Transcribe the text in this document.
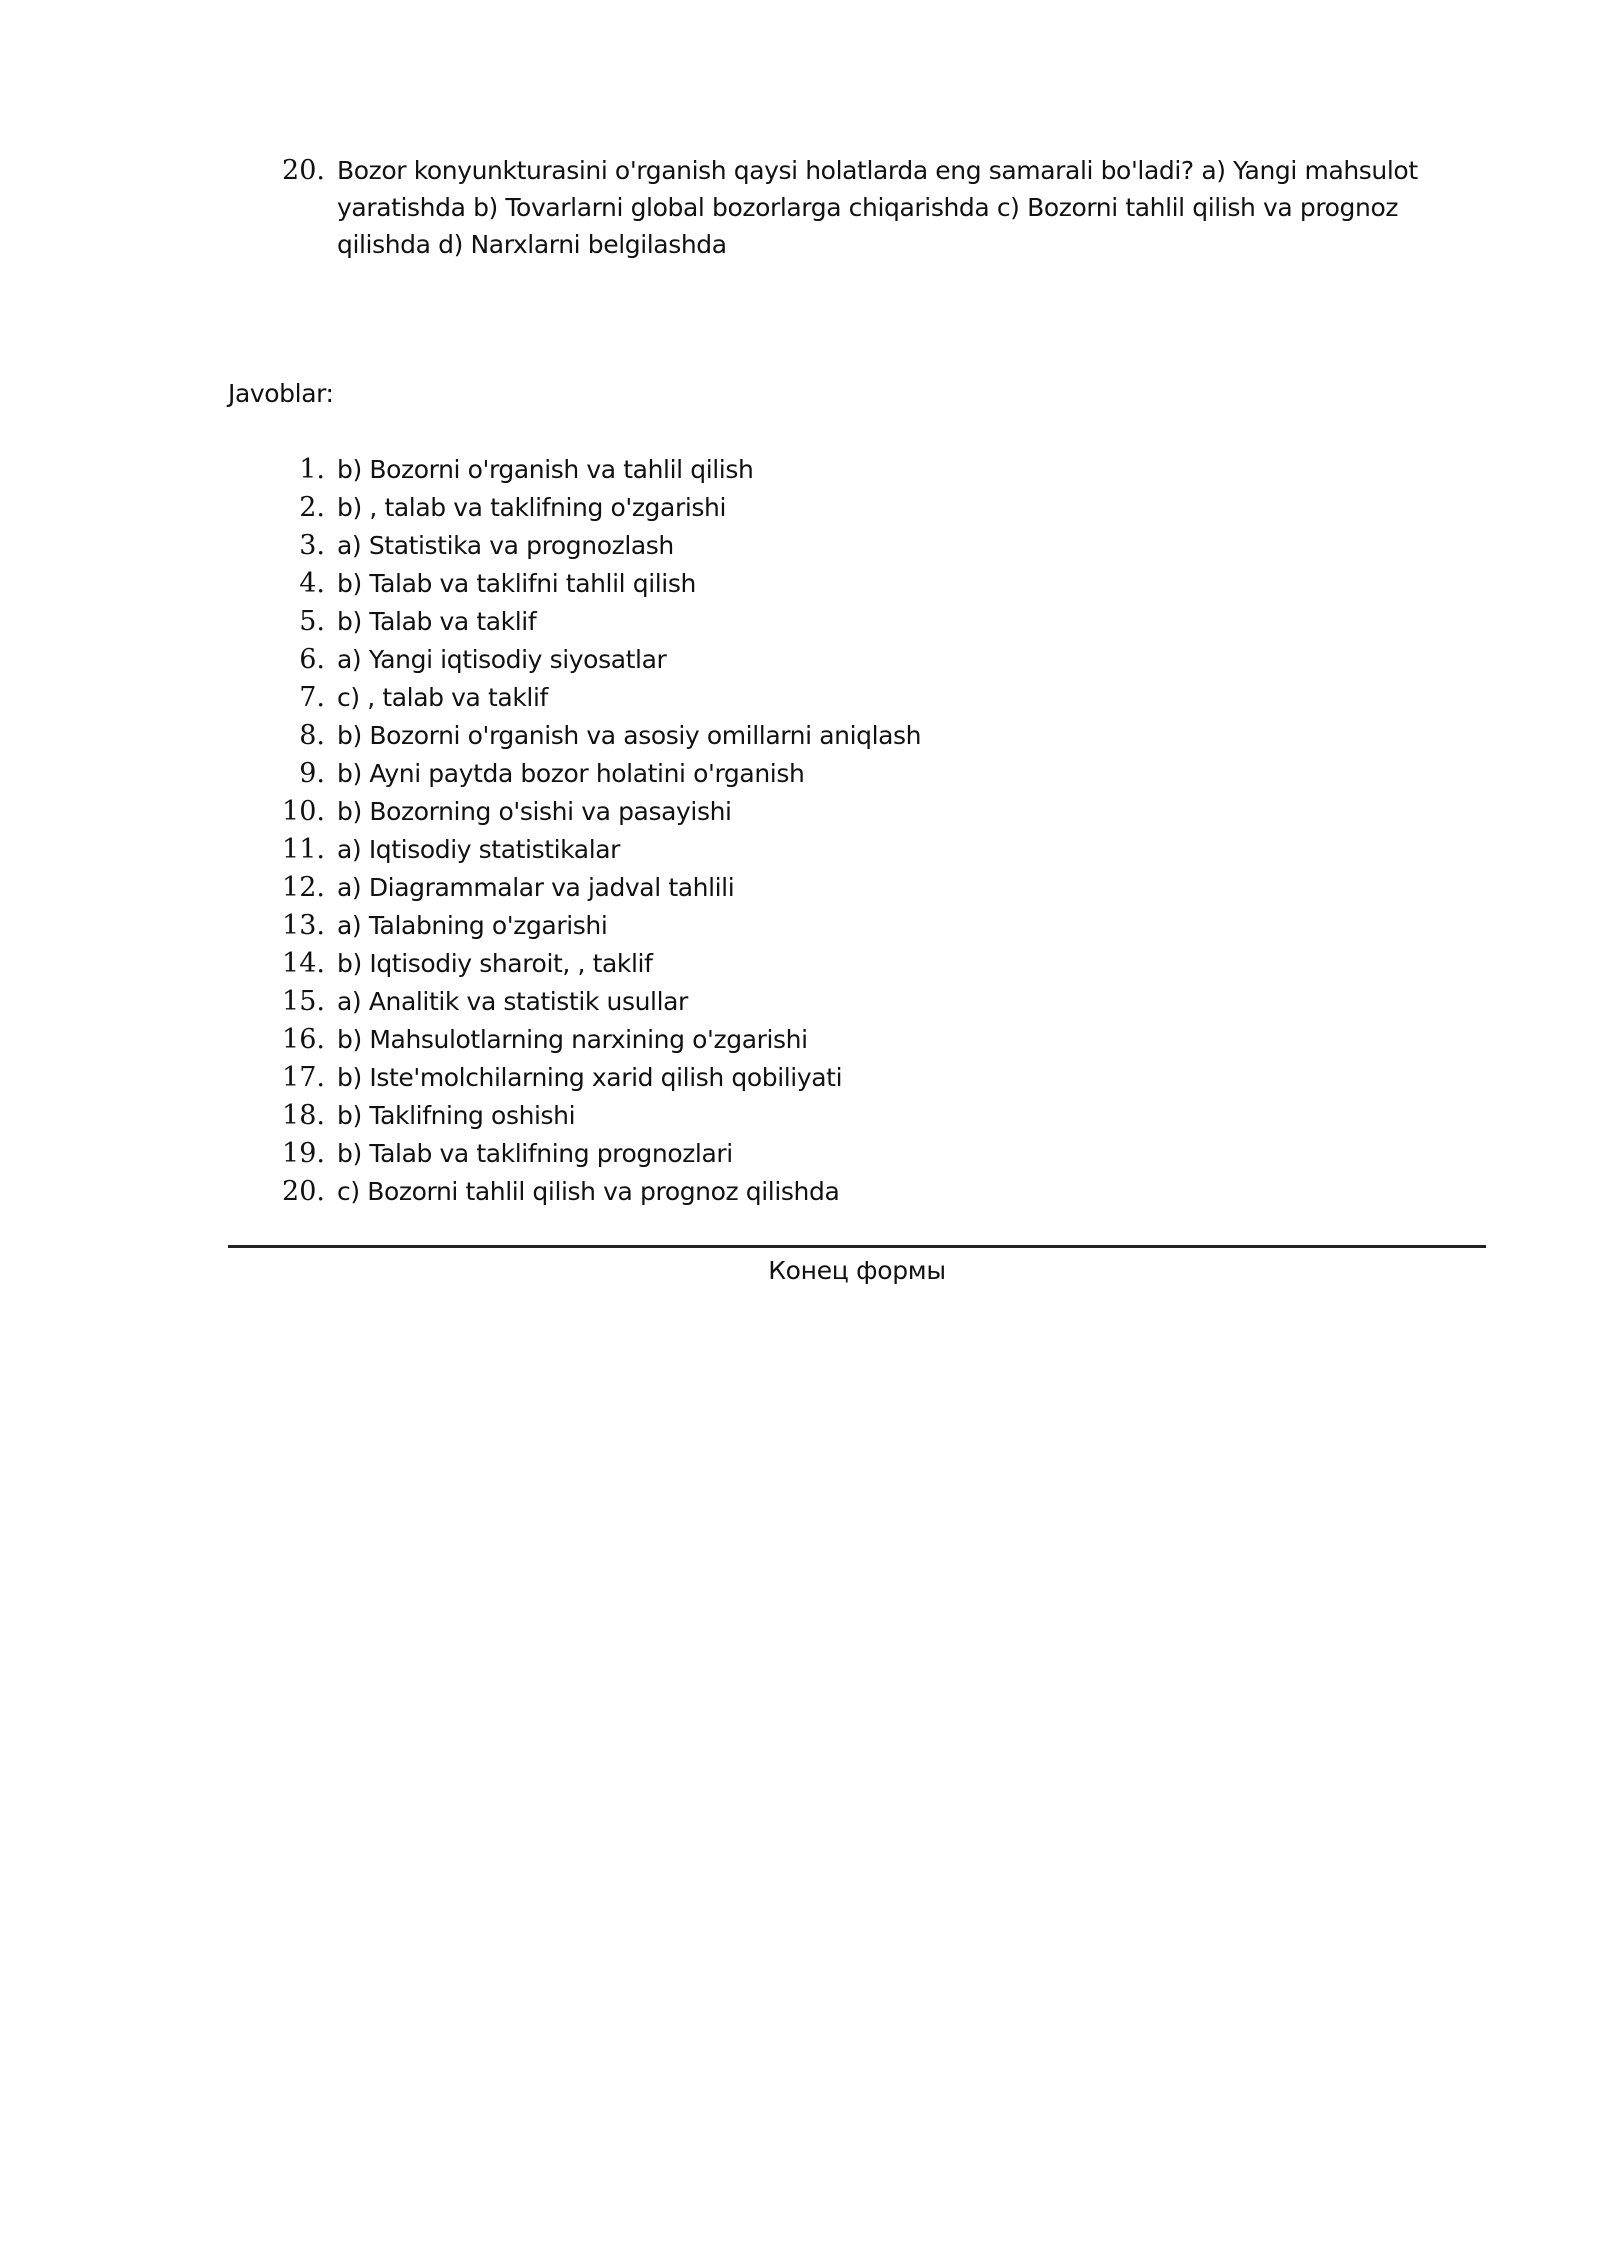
20. Bozor konyunkturasini o'rganish qaysi holatlarda eng samarali bo'ladi? a) Yangi mahsulot yaratishda b) Tovarlarni global bozorlarga chiqarishda c) Bozorni tahlil qilish va prognoz qilishda d) Narxlarni belgilashda
Javoblar:
1. b) Bozorni o'rganish va tahlil qilish
2. b) , talab va taklifning o'zgarishi
3. a) Statistika va prognozlash
4. b) Talab va taklifni tahlil qilish
5. b) Talab va taklif
6. a) Yangi iqtisodiy siyosatlar
7. c) , talab va taklif
8. b) Bozorni o'rganish va asosiy omillarni aniqlash
9. b) Ayni paytda bozor holatini o'rganish
10. b) Bozorning o'sishi va pasayishi
11. a) Iqtisodiy statistikalar
12. a) Diagrammalar va jadval tahlili
13. a) Talabning o'zgarishi
14. b) Iqtisodiy sharoit, , taklif
15. a) Analitik va statistik usullar
16. b) Mahsulotlarning narxining o'zgarishi
17. b) Iste'molchilarning xarid qilish qobiliyati
18. b) Taklifning oshishi
19. b) Talab va taklifning prognozlari
20. c) Bozorni tahlil qilish va prognoz qilishda
Конец формы
